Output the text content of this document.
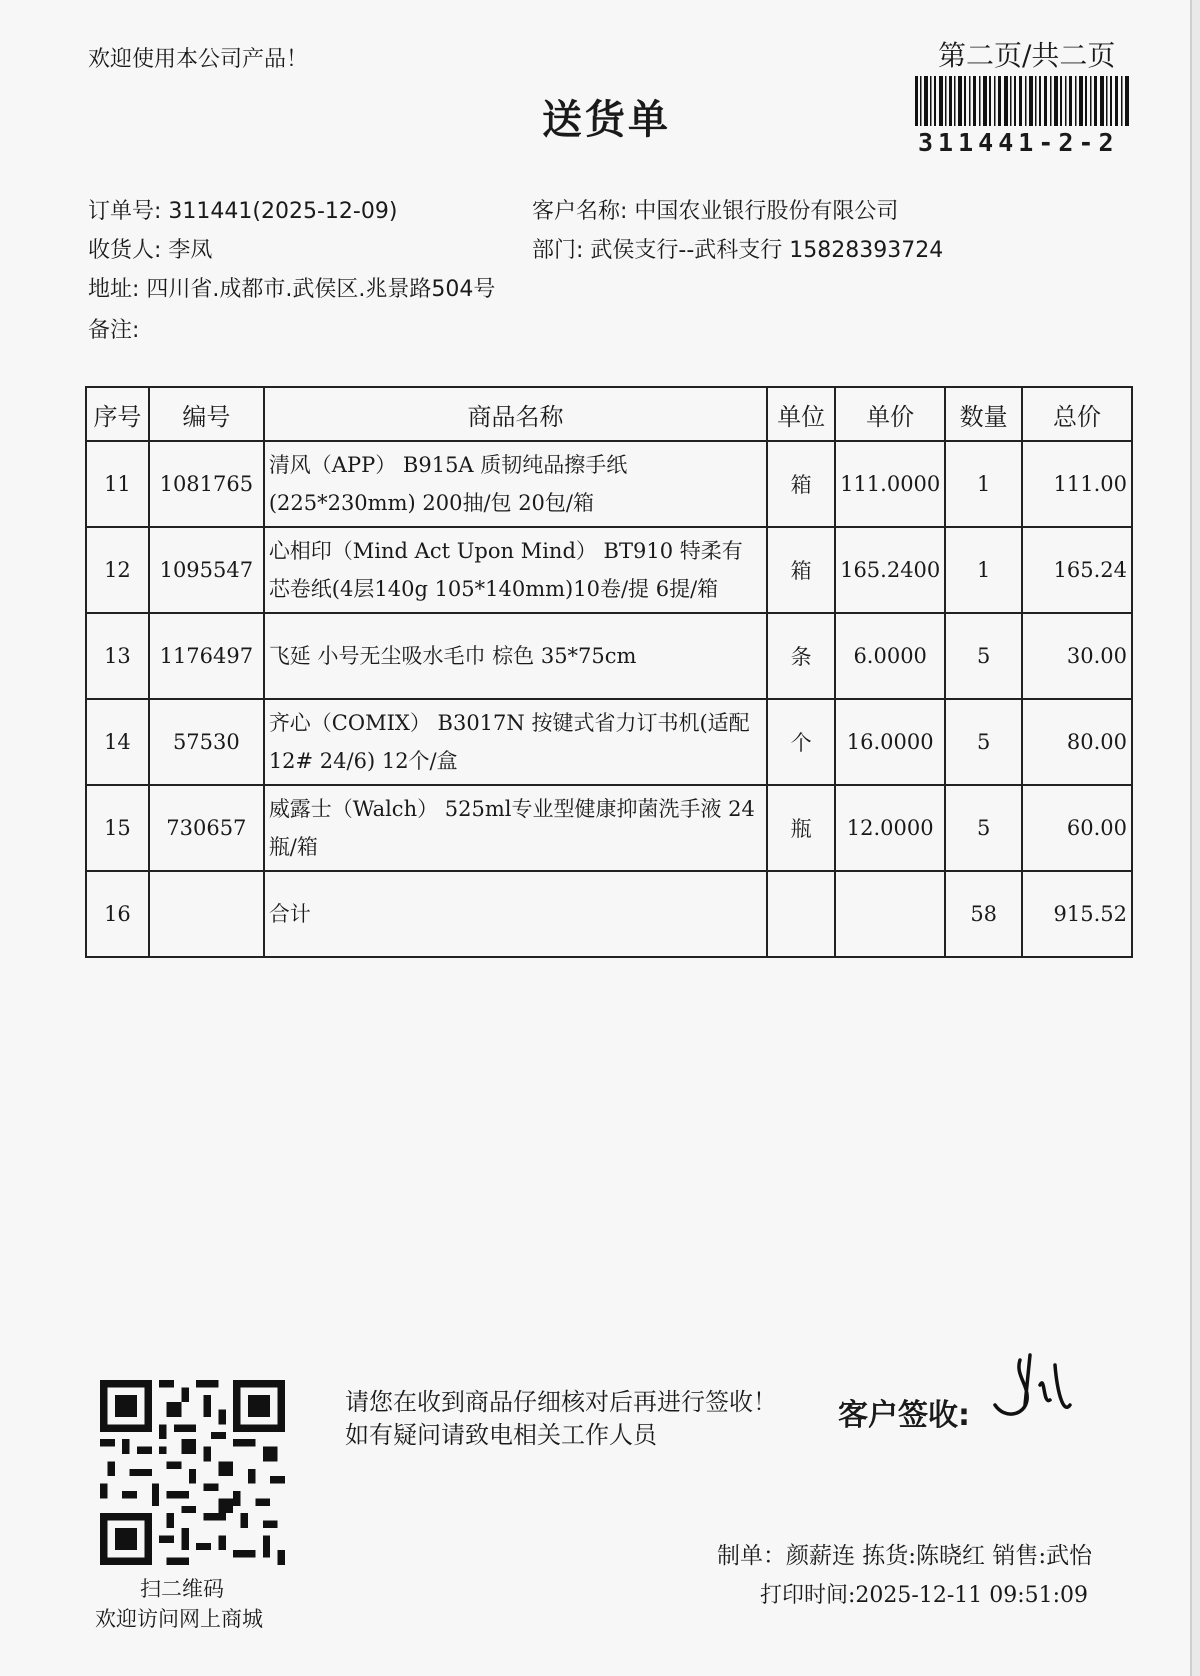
欢迎使用本公司产品！	第二页/共二页
送货单	311441-2-2
订单号: 311441(2025-12-09)
收货人: 李凤
地址: 四川省.成都市.武侯区.兆景路504号
备注:
客户名称: 中国农业银行股份有限公司
部门: 武侯支行--武科支行 15828393724
序号	编号	商品名称	单位	单价	数量	总价
11	1081765	清风（APP） B915A 质韧纯品擦手纸(225*230mm) 200抽/包 20包/箱	箱	111.0000	1	111.00
12	1095547	心相印（Mind Act Upon Mind） BT910 特柔有芯卷纸(4层140g 105*140mm)10卷/提 6提/箱	箱	165.2400	1	165.24
13	1176497	飞延 小号无尘吸水毛巾 棕色 35*75cm	条	6.0000	5	30.00
14	57530	齐心（COMIX） B3017N 按键式省力订书机(适配12# 24/6) 12个/盒	个	16.0000	5	80.00
15	730657	威露士（Walch） 525ml专业型健康抑菌洗手液 24瓶/箱	瓶	12.0000	5	60.00
16		合计			58	915.52
扫二维码
欢迎访问网上商城
请您在收到商品仔细核对后再进行签收！如有疑问请致电相关工作人员
客户签收:
制单：颜薪连 拣货:陈晓红 销售:武怡
打印时间:2025-12-11 09:51:09
